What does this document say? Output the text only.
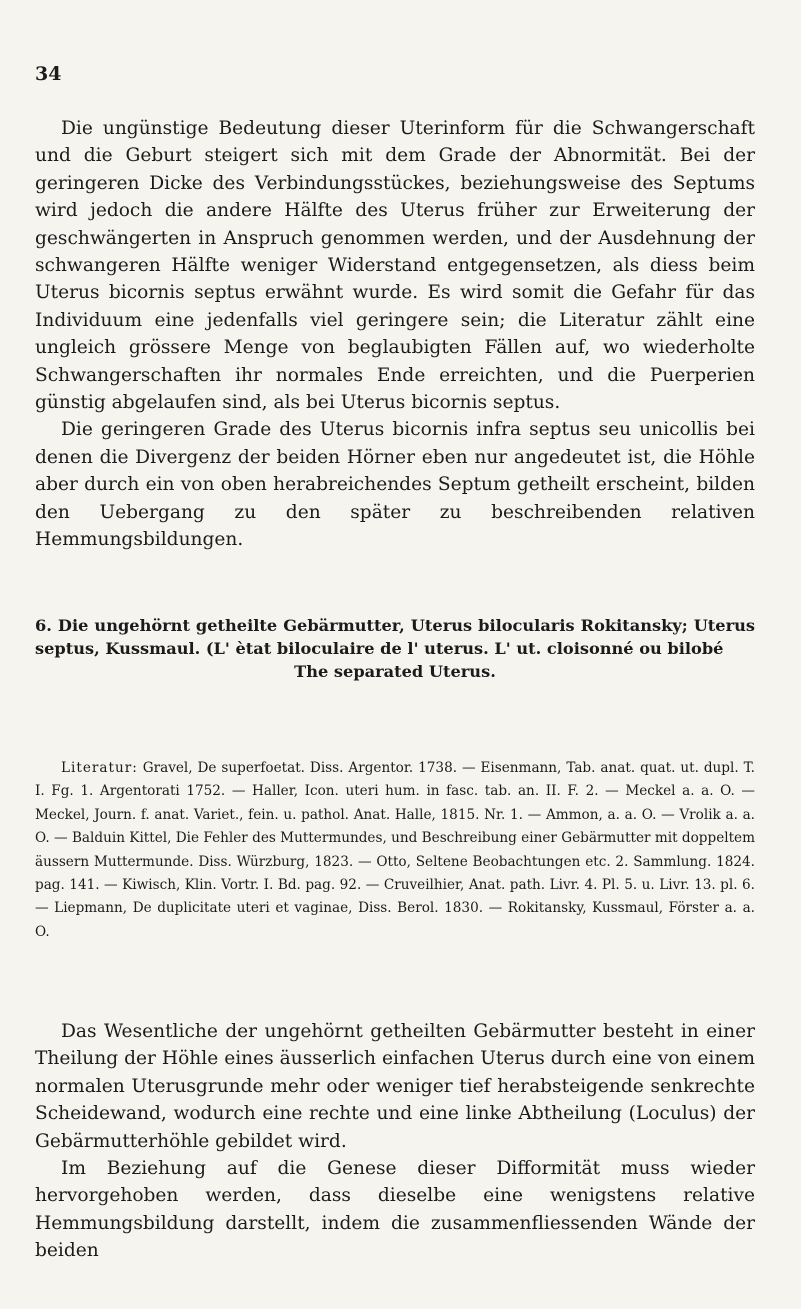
34

Die ungünstige Bedeutung dieser Uterinform für die Schwangerschaft und die Geburt steigert sich mit dem Grade der Abnormität. Bei der geringeren Dicke des Verbindungsstückes, beziehungsweise des Septums wird jedoch die andere Hälfte des Uterus früher zur Erweiterung der geschwängerten in Anspruch genommen werden, und der Ausdehnung der schwangeren Hälfte weniger Widerstand entgegensetzen, als diess beim Uterus bicornis septus erwähnt wurde. Es wird somit die Gefahr für das Individuum eine jedenfalls viel geringere sein; die Literatur zählt eine ungleich grössere Menge von beglaubigten Fällen auf, wo wiederholte Schwangerschaften ihr normales Ende erreichten, und die Puerperien günstig abgelaufen sind, als bei Uterus bicornis septus.

Die geringeren Grade des Uterus bicornis infra septus seu unicollis bei denen die Divergenz der beiden Hörner eben nur angedeutet ist, die Höhle aber durch ein von oben herabreichendes Septum getheilt erscheint, bilden den Uebergang zu den später zu beschreibenden relativen Hemmungsbildungen.

6. Die ungehörnt getheilte Gebärmutter, Uterus bilocularis Rokitansky; Uterus septus, Kussmaul. (L' ètat biloculaire de l' uterus. L' ut. cloisonné ou bilobé
The separated Uterus.
Literatur: Gravel, De superfoetat. Diss. Argentor. 1738. — Eisenmann, Tab. anat. quat. ut. dupl. T. I. Fg. 1. Argentorati 1752. — Haller, Icon. uteri hum. in fasc. tab. an. II. F. 2. — Meckel a. a. O. — Meckel, Journ. f. anat. Variet., fein. u. pathol. Anat. Halle, 1815. Nr. 1. — Ammon, a. a. O. — Vrolik a. a. O. — Balduin Kittel, Die Fehler des Muttermundes, und Beschreibung einer Gebärmutter mit doppeltem äussern Muttermunde. Diss. Würzburg, 1823. — Otto, Seltene Beobachtungen etc. 2. Sammlung. 1824. pag. 141. — Kiwisch, Klin. Vortr. I. Bd. pag. 92. — Cruveilhier, Anat. path. Livr. 4. Pl. 5. u. Livr. 13. pl. 6. — Liepmann, De duplicitate uteri et vaginae, Diss. Berol. 1830. — Rokitansky, Kussmaul, Förster a. a. O.

Das Wesentliche der ungehörnt getheilten Gebärmutter besteht in einer Theilung der Höhle eines äusserlich einfachen Uterus durch eine von einem normalen Uterusgrunde mehr oder weniger tief herabsteigende senkrechte Scheidewand, wodurch eine rechte und eine linke Abtheilung (Loculus) der Gebärmutterhöhle gebildet wird.

Im Beziehung auf die Genese dieser Difformität muss wieder hervorgehoben werden, dass dieselbe eine wenigstens relative Hemmungsbildung darstellt, indem die zusammenfliessenden Wände der beiden
